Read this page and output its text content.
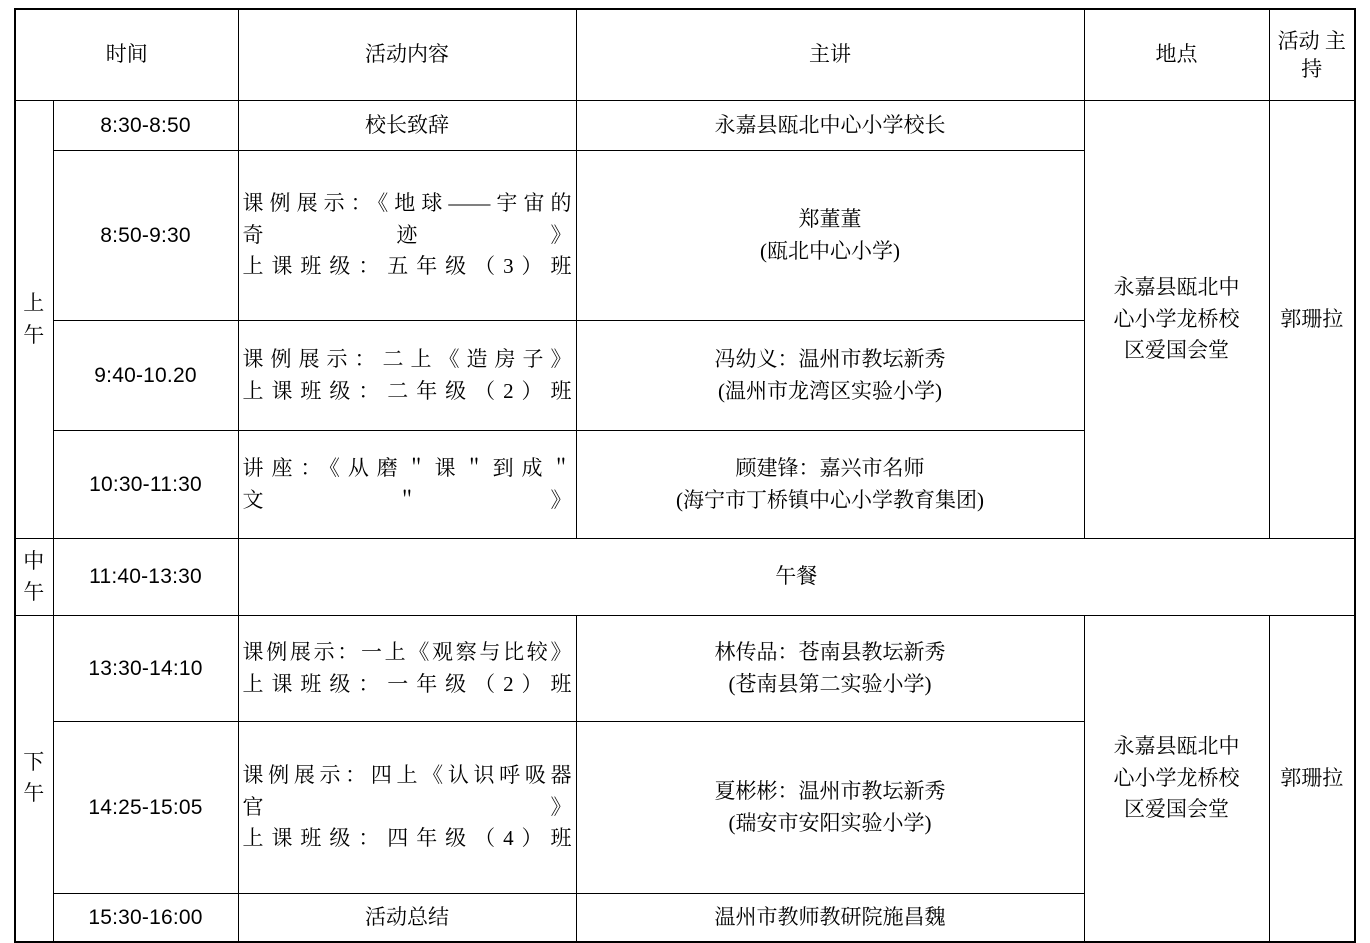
时间		活动内容	主讲	地点	活动 主持
上 午	8:30-8:50	校长致辞	永嘉县瓯北中心小学校长	永嘉县瓯北中
心小学龙桥校
区爱国会堂	郭珊拉
	8:50-9:30	课例展示：《地球——宇宙的
奇迹》
上课班级：五年级（3）班	郑董董
(瓯北中心小学)		

	9:40-10.20	课例展示：二上《造房子》
上课班级：二年级（2）班	冯幼义：温州市教坛新秀
(温州市龙湾区实验小学)		

	10:30-11:30	讲座：《从磨＂课＂到成＂
文＂》	顾建锋：嘉兴市名师
(海宁市丁桥镇中心小学教育集团)		

中 午	11:40-13:30	午餐			
下 午	13:30-14:10	课例展示：一上《观察与比较》
上课班级：一年级（2）班	林传品：苍南县教坛新秀
(苍南县第二实验小学)	永嘉县瓯北中
心小学龙桥校
区爱国会堂	郭珊拉
	14:25-15:05	课例展示：四上《认识呼吸器
官》
上课班级：四年级（4）班	夏彬彬：温州市教坛新秀
(瑞安市安阳实验小学)		

	15:30-16:00	活动总结	温州市教师教研院施昌魏		
